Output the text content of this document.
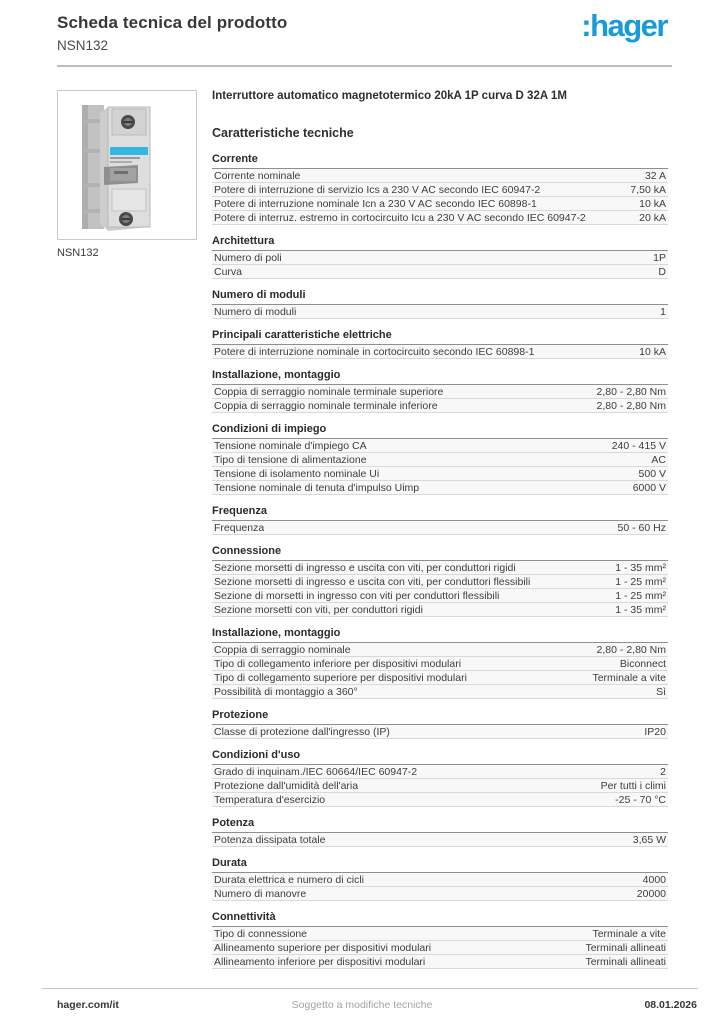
Scheda tecnica del prodotto
NSN132
:hager
NSN132
Interruttore automatico magnetotermico 20kA 1P curva D 32A 1M
Caratteristiche tecniche
Corrente
Corrente nominale	32 A
Potere di interruzione di servizio Ics a 230 V AC secondo IEC 60947-2	7,50 kA
Potere di interruzione nominale Icn a 230 V AC secondo IEC 60898-1	10 kA
Potere di interruz. estremo in cortocircuito Icu a 230 V AC secondo IEC 60947-2	20 kA
Architettura
Numero di poli	1P
Curva	D
Numero di moduli
Numero di moduli	1
Principali caratteristiche elettriche
Potere di interruzione nominale in cortocircuito secondo IEC 60898-1	10 kA
Installazione, montaggio
Coppia di serraggio nominale terminale superiore	2,80 - 2,80 Nm
Coppia di serraggio nominale terminale inferiore	2,80 - 2,80 Nm
Condizioni di impiego
Tensione nominale d'impiego CA	240 - 415 V
Tipo di tensione di alimentazione	AC
Tensione di isolamento nominale Ui	500 V
Tensione nominale di tenuta d'impulso Uimp	6000 V
Frequenza
Frequenza	50 - 60 Hz
Connessione
Sezione morsetti di ingresso e uscita con viti, per conduttori rigidi	1 - 35 mm²
Sezione morsetti di ingresso e uscita con viti, per conduttori flessibili	1 - 25 mm²
Sezione di morsetti in ingresso con viti per conduttori flessibili	1 - 25 mm²
Sezione morsetti con viti, per conduttori rigidi	1 - 35 mm²
Installazione, montaggio
Coppia di serraggio nominale	2,80 - 2,80 Nm
Tipo di collegamento inferiore per dispositivi modulari	Biconnect
Tipo di collegamento superiore per dispositivi modulari	Terminale a vite
Possibilità di montaggio a 360°	Sì
Protezione
Classe di protezione dall'ingresso (IP)	IP20
Condizioni d'uso
Grado di inquinam./IEC 60664/IEC 60947-2	2
Protezione dall'umidità dell'aria	Per tutti i climi
Temperatura d'esercizio	-25 - 70 °C
Potenza
Potenza dissipata totale	3,65 W
Durata
Durata elettrica e numero di cicli	4000
Numero di manovre	20000
Connettività
Tipo di connessione	Terminale a vite
Allineamento superiore per dispositivi modulari	Terminali allineati
Allineamento inferiore per dispositivi modulari	Terminali allineati
hager.com/it	Soggetto a modifiche tecniche	08.01.2026
